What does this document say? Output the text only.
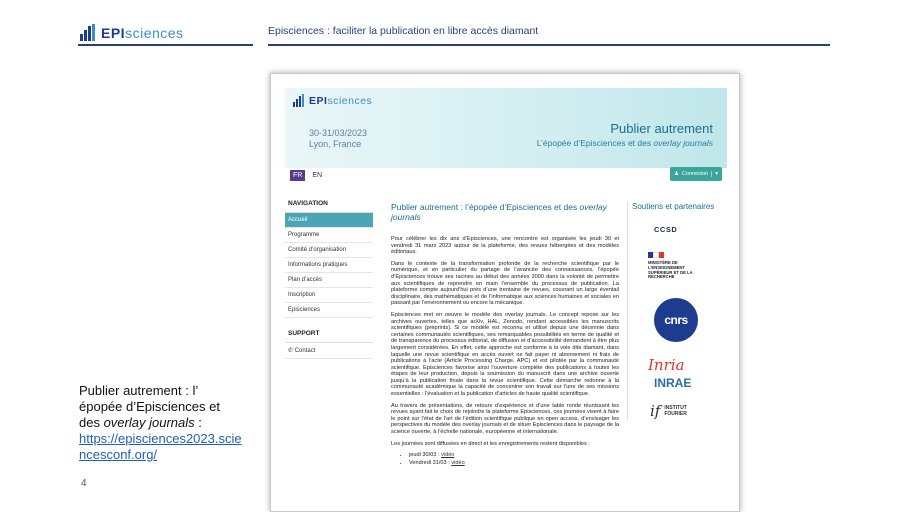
EPIsciences	Episciences : faciliter la publication en libre accès diamant
Publier autrement : l’
épopée d’Episciences et
des overlay journals :
https://episciences2023.sciencesconf.org/
4
EPIsciences
30-31/03/2023
Lyon, France
Publier autrement
L’épopée d’Episciences et des overlay journals
FR	EN	♟ Connexion	▾
NAVIGATION
Accueil
Programme
Comité d’organisation
Informations pratiques
Plan d’accès
Inscription
Episciences
SUPPORT
✆ Contact
Publier autrement : l’épopée d’Episciences et des overlay journals

Pour célébrer les dix ans d’Episciences, une rencontre est organisée les jeudi 30 et vendredi 31 mars 2023 autour de la plateforme, des revues hébergées et des modèles éditoriaux.

Dans le contexte de la transformation profonde de la recherche scientifique par le numérique, et en particulier du partage de l’avancée des connaissances, l’épopée d’Episciences trouve ses racines au début des années 2000 dans la volonté de permettre aux scientifiques de reprendre en main l’ensemble du processus de publication. La plateforme compte aujourd’hui près d’une trentaine de revues, couvrant un large éventail disciplinaire, des mathématiques et de l’informatique aux sciences humaines et sociales en passant par l’environnement ou encore la mécanique.

Episciences met en oeuvre le modèle des overlay journals. Le concept repose sur les archives ouvertes, telles que arXiv, HAL, Zenodo, rendant accessibles les manuscrits scientifiques (preprints). Si ce modèle est reconnu et utilisé depuis une décennie dans certaines communautés scientifiques, ses remarquables possibilités en terme de qualité et de transparence du processus éditorial, de diffusion et d’accessibilité demandent à être plus largement considérées. En effet, cette approche est conforme à la voie dite diamant, dans laquelle une revue scientifique en accès ouvert ne fait payer ni abonnement ni frais de publications à l’acte (Article Processing Charge, APC) et est pilotée par la communauté scientifique. Episciences favorise ainsi l’ouverture complète des publications à toutes les étapes de leur production, depuis la soumission du manuscrit dans une archive ouverte jusqu’à la publication finale dans la revue scientifique. Cette démarche redonne à la communauté académique la capacité de concentrer son travail sur l’une de ses missions essentielles : l’évaluation et la publication d’articles de haute qualité scientifique.

Au travers de présentations, de retours d’expérience et d’une table ronde réunissant les revues ayant fait le choix de rejoindre la plateforme Episciences, ces journées visent à faire le point sur l’état de l’art de l’édition scientifique publique en open access, d’envisager les perspectives du modèle des overlay journals et de situer Episciences dans le paysage de la science ouverte, à l’échelle nationale, européenne et internationale.

Les journées sont diffusées en direct et les enregistrements restent disponibles :

• jeudi 30/03 : vidéo
• Vendredi 31/03 : vidéo
Soutiens et partenaires
CCSD
MINISTÈRE DE L’ENSEIGNEMENT SUPÉRIEUR ET DE LA RECHERCHE
cnrs
Inria
INRAE
if INSTITUT FOURIER
